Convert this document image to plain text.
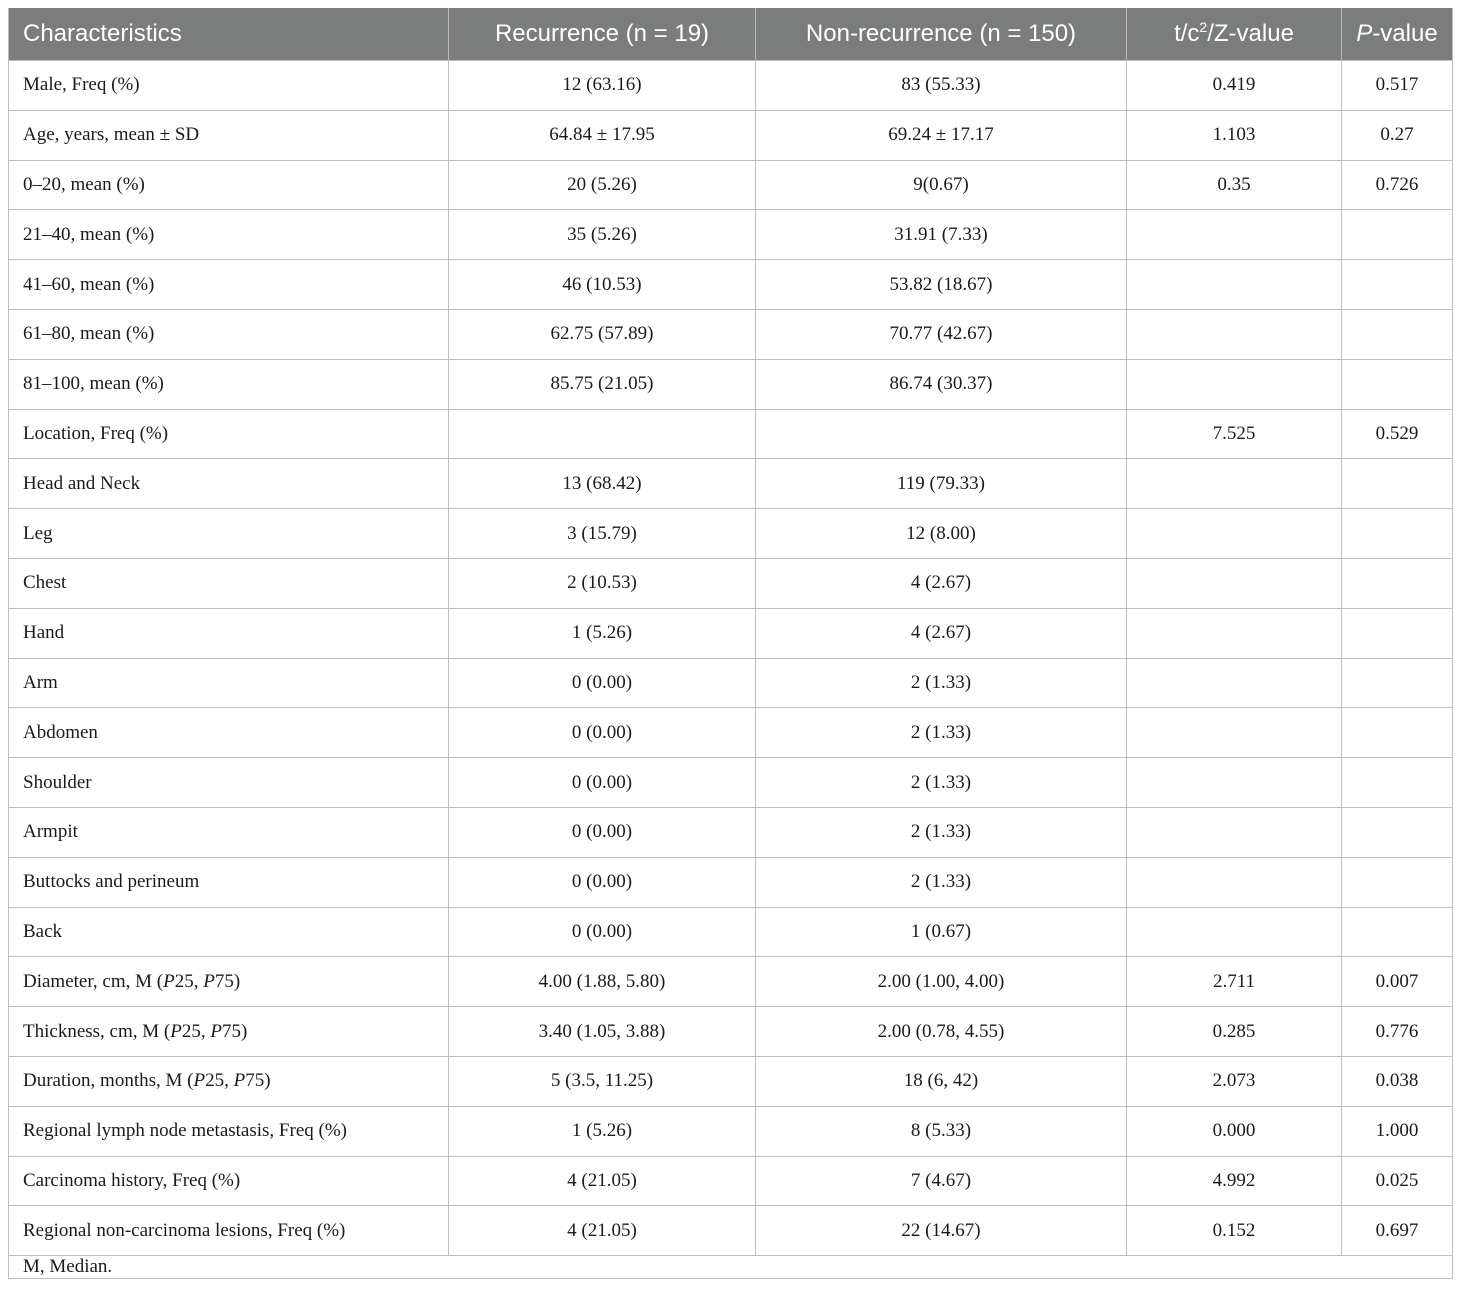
Characteristics	Recurrence (n = 19)	Non-recurrence (n = 150)	$t/c^2/Z$-value	P-value
Male, Freq (%)	12 (63.16)	83 (55.33)	0.419	0.517
Age, years, mean ± SD	64.84 ± 17.95	69.24 ± 17.17	1.103	0.27
0–20, mean (%)	20 (5.26)	9(0.67)	0.35	0.726
21–40, mean (%)	35 (5.26)	31.91 (7.33)		
41–60, mean (%)	46 (10.53)	53.82 (18.67)		
61–80, mean (%)	62.75 (57.89)	70.77 (42.67)		
81–100, mean (%)	85.75 (21.05)	86.74 (30.37)		
Location, Freq (%)			7.525	0.529
Head and Neck	13 (68.42)	119 (79.33)		
Leg	3 (15.79)	12 (8.00)		
Chest	2 (10.53)	4 (2.67)		
Hand	1 (5.26)	4 (2.67)		
Arm	0 (0.00)	2 (1.33)		
Abdomen	0 (0.00)	2 (1.33)		
Shoulder	0 (0.00)	2 (1.33)		
Armpit	0 (0.00)	2 (1.33)		
Buttocks and perineum	0 (0.00)	2 (1.33)		
Back	0 (0.00)	1 (0.67)		
Diameter, cm, M (P25, P75)	4.00 (1.88, 5.80)	2.00 (1.00, 4.00)	2.711	0.007
Thickness, cm, M (P25, P75)	3.40 (1.05, 3.88)	2.00 (0.78, 4.55)	0.285	0.776
Duration, months, M (P25, P75)	5 (3.5, 11.25)	18 (6, 42)	2.073	0.038
Regional lymph node metastasis, Freq (%)	1 (5.26)	8 (5.33)	0.000	1.000
Carcinoma history, Freq (%)	4 (21.05)	7 (4.67)	4.992	0.025
Regional non-carcinoma lesions, Freq (%)	4 (21.05)	22 (14.67)	0.152	0.697
M, Median.				
